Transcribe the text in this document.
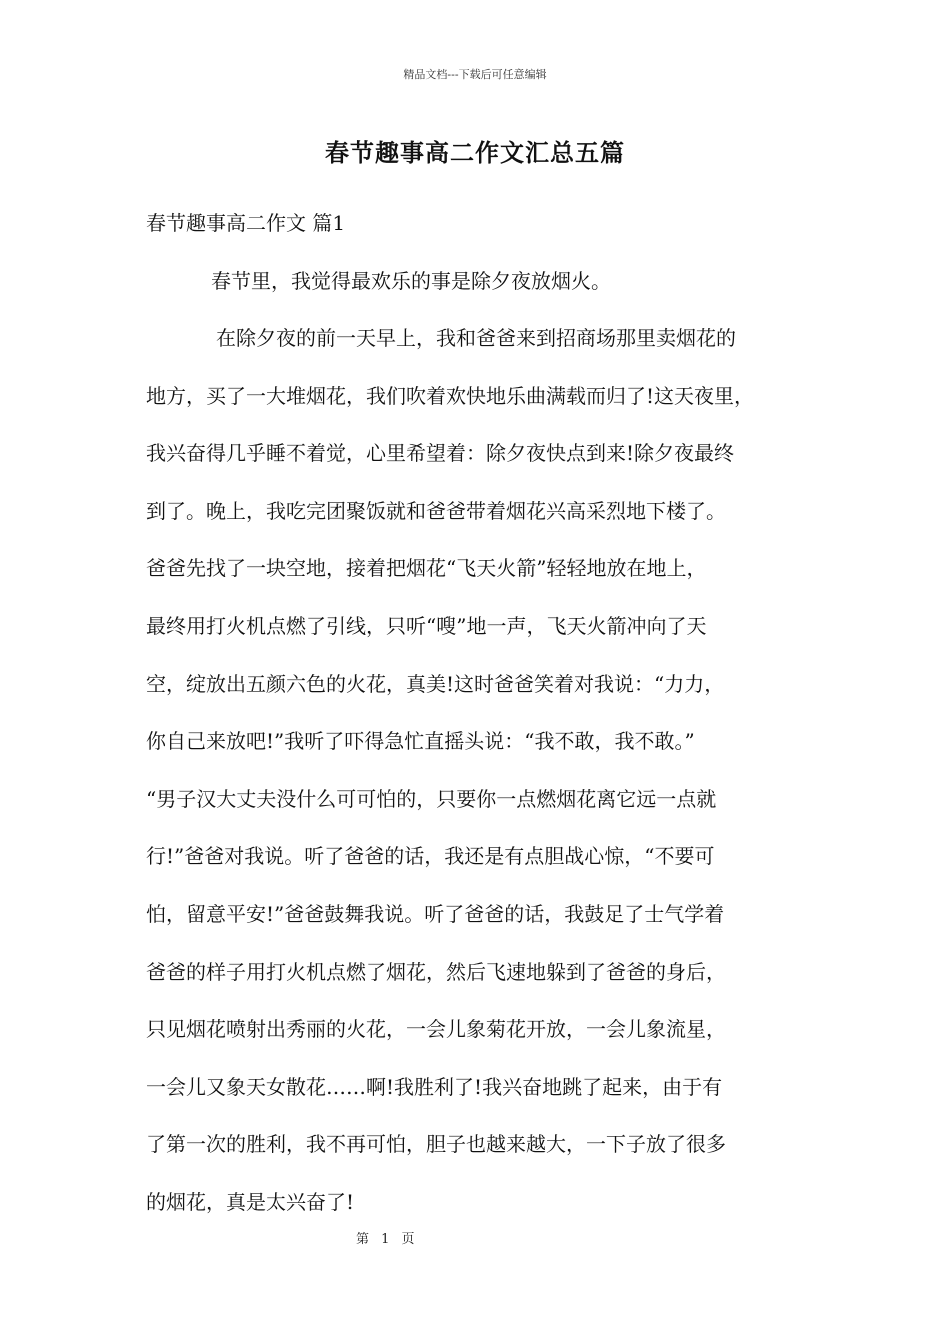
精品文档---下载后可任意编辑
春节趣事高二作文汇总五篇
春节趣事高二作文 篇1
春节里，我觉得最欢乐的事是除夕夜放烟火。
在除夕夜的前一天早上，我和爸爸来到招商场那里卖烟花的
地方，买了一大堆烟花，我们吹着欢快地乐曲满载而归了!这天夜里，
我兴奋得几乎睡不着觉，心里希望着：除夕夜快点到来!除夕夜最终
到了。晚上，我吃完团聚饭就和爸爸带着烟花兴高采烈地下楼了。
爸爸先找了一块空地，接着把烟花“飞天火箭”轻轻地放在地上，
最终用打火机点燃了引线，只听“嗖”地一声，飞天火箭冲向了天
空，绽放出五颜六色的火花，真美!这时爸爸笑着对我说：“力力，
你自己来放吧!”我听了吓得急忙直摇头说：“我不敢，我不敢。”
“男子汉大丈夫没什么可可怕的，只要你一点燃烟花离它远一点就
行!”爸爸对我说。听了爸爸的话，我还是有点胆战心惊，“不要可
怕，留意平安!”爸爸鼓舞我说。听了爸爸的话，我鼓足了士气学着
爸爸的样子用打火机点燃了烟花，然后飞速地躲到了爸爸的身后，
只见烟花喷射出秀丽的火花，一会儿象菊花开放，一会儿象流星，
一会儿又象天女散花……啊!我胜利了!我兴奋地跳了起来，由于有
了第一次的胜利，我不再可怕，胆子也越来越大，一下子放了很多
的烟花，真是太兴奋了!
第 1 页
